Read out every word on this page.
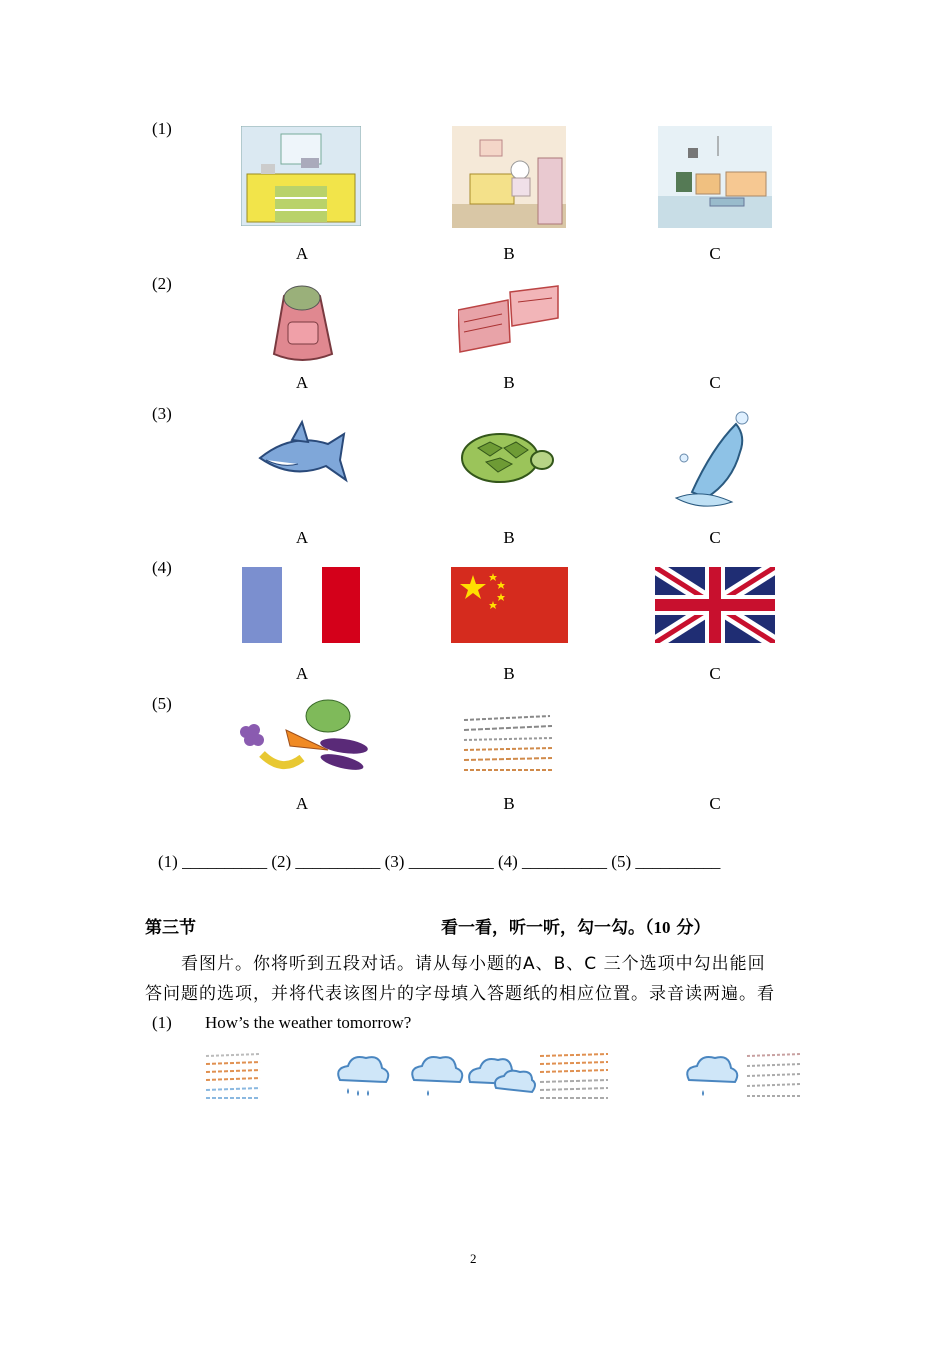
(1)
(2)
(3)
(4)
(5)
A	B	C
A	B	C
A	B	C
A	B	C
A	B	C
(1) __________ (2) __________ (3) __________ (4) __________ (5) __________
第三节	看一看，听一听，勾一勾。（10 分）
看图片。你将听到五段对话。请从每小题的A、B、C 三个选项中勾出能回
答问题的选项，并将代表该图片的字母填入答题纸的相应位置。录音读两遍。看
(1) How’s the weather tomorrow?
2
